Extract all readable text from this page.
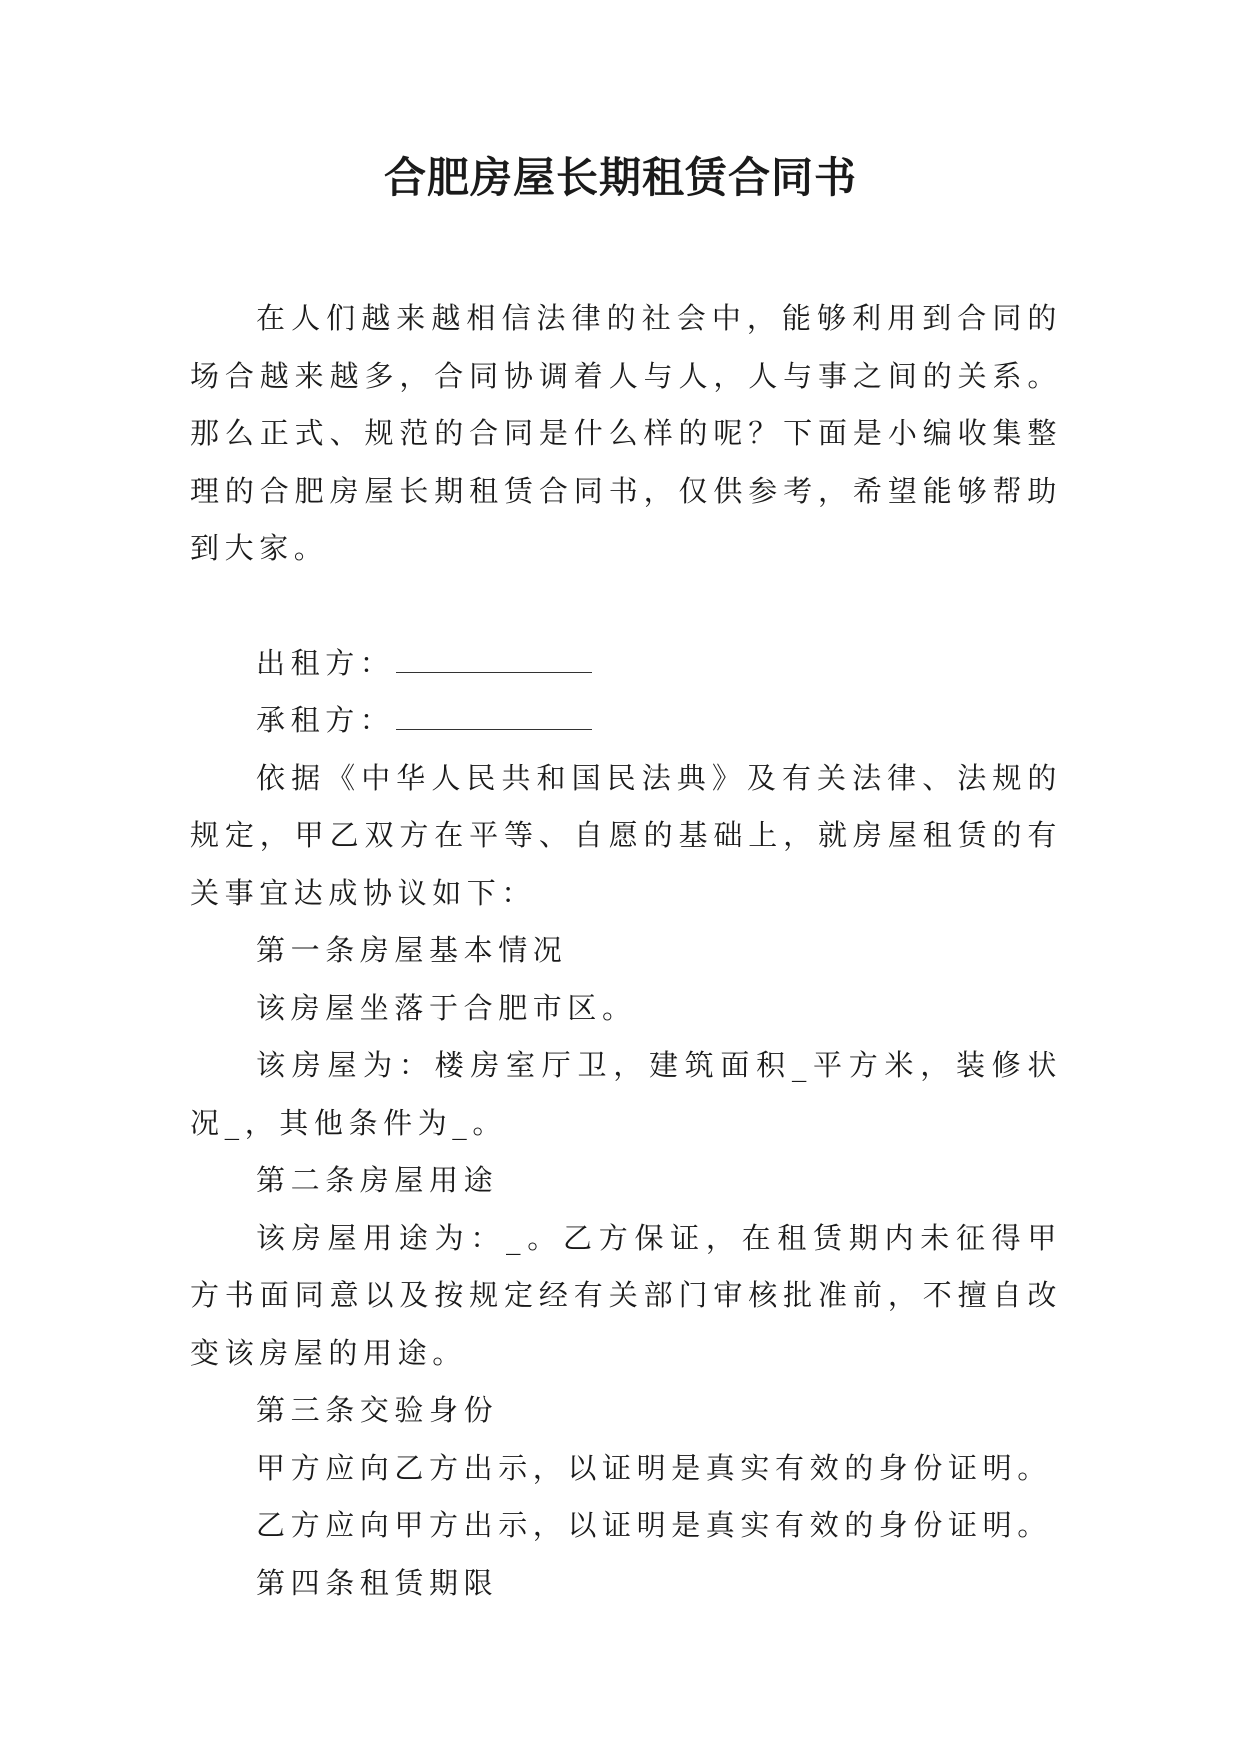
合肥房屋长期租赁合同书

在人们越来越相信法律的社会中，能够利用到合同的场合越来越多，合同协调着人与人，人与事之间的关系。那么正式、规范的合同是什么样的呢？下面是小编收集整理的合肥房屋长期租赁合同书，仅供参考，希望能够帮助到大家。

出租方：

承租方：

依据《中华人民共和国民法典》及有关法律、法规的规定，甲乙双方在平等、自愿的基础上，就房屋租赁的有关事宜达成协议如下：

第一条房屋基本情况

该房屋坐落于合肥市区。

该房屋为：楼房室厅卫，建筑面积_平方米，装修状况_，其他条件为_。

第二条房屋用途

该房屋用途为：_。乙方保证，在租赁期内未征得甲方书面同意以及按规定经有关部门审核批准前，不擅自改变该房屋的用途。

第三条交验身份

甲方应向乙方出示，以证明是真实有效的身份证明。

乙方应向甲方出示，以证明是真实有效的身份证明。

第四条租赁期限
